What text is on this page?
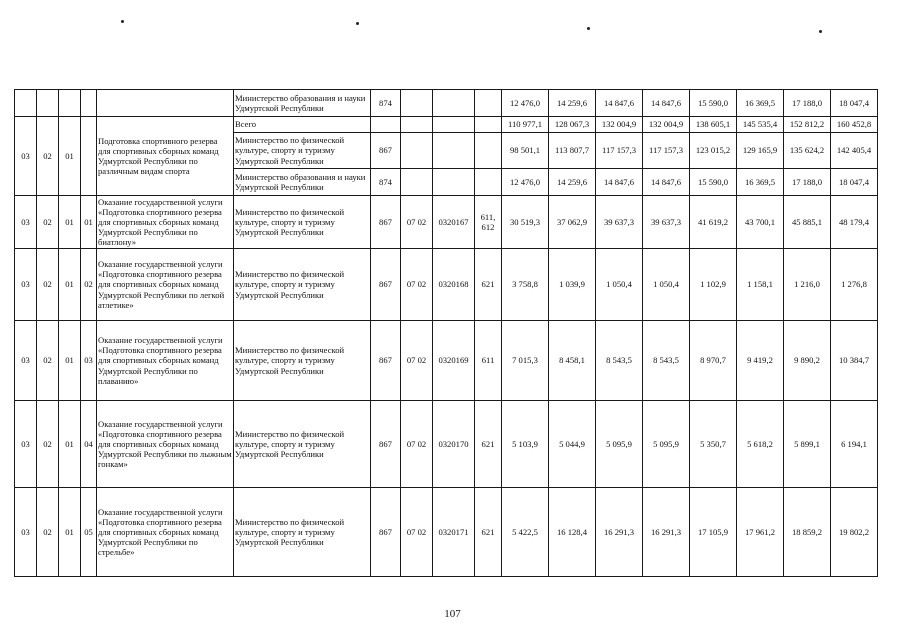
					Министерство образования и науки Удмуртской Республики	874				12 476,0	14 259,6	14 847,6	14 847,6	15 590,0	16 369,5	17 188,0	18 047,4
03	02	01		Подготовка спортивного резерва для спортивных сборных команд Удмуртской Республики по различным видам спорта	Всего					110 977,1	128 067,3	132 004,9	132 004,9	138 605,1	145 535,4	152 812,2	160 452,8
					Министерство по физической культуре, спорту и туризму Удмуртской Республики	867				98 501,1	113 807,7	117 157,3	117 157,3	123 015,2	129 165,9	135 624,2	142 405,4
					Министерство образования и науки Удмуртской Республики	874				12 476,0	14 259,6	14 847,6	14 847,6	15 590,0	16 369,5	17 188,0	18 047,4
03	02	01	01	Оказание государственной услуги «Подготовка спортивного резерва для спортивных сборных команд Удмуртской Республики по биатлону»	Министерство по физической культуре, спорту и туризму Удмуртской Республики	867	07 02	0320167	611, 612	30 519,3	37 062,9	39 637,3	39 637,3	41 619,2	43 700,1	45 885,1	48 179,4
03	02	01	02	Оказание государственной услуги «Подготовка спортивного резерва для спортивных сборных команд Удмуртской Республики по легкой атлетике»	Министерство по физической культуре, спорту и туризму Удмуртской Республики	867	07 02	0320168	621	3 758,8	1 039,9	1 050,4	1 050,4	1 102,9	1 158,1	1 216,0	1 276,8
03	02	01	03	Оказание государственной услуги «Подготовка спортивного резерва для спортивных сборных команд Удмуртской Республики по плаванию»	Министерство по физической культуре, спорту и туризму Удмуртской Республики	867	07 02	0320169	611	7 015,3	8 458,1	8 543,5	8 543,5	8 970,7	9 419,2	9 890,2	10 384,7
03	02	01	04	Оказание государственной услуги «Подготовка спортивного резерва для спортивных сборных команд Удмуртской Республики по лыжным гонкам»	Министерство по физической культуре, спорту и туризму Удмуртской Республики	867	07 02	0320170	621	5 103,9	5 044,9	5 095,9	5 095,9	5 350,7	5 618,2	5 899,1	6 194,1
03	02	01	05	Оказание государственной услуги «Подготовка спортивного резерва для спортивных сборных команд Удмуртской Республики по стрельбе»	Министерство по физической культуре, спорту и туризму Удмуртской Республики	867	07 02	0320171	621	5 422,5	16 128,4	16 291,3	16 291,3	17 105,9	17 961,2	18 859,2	19 802,2
107
